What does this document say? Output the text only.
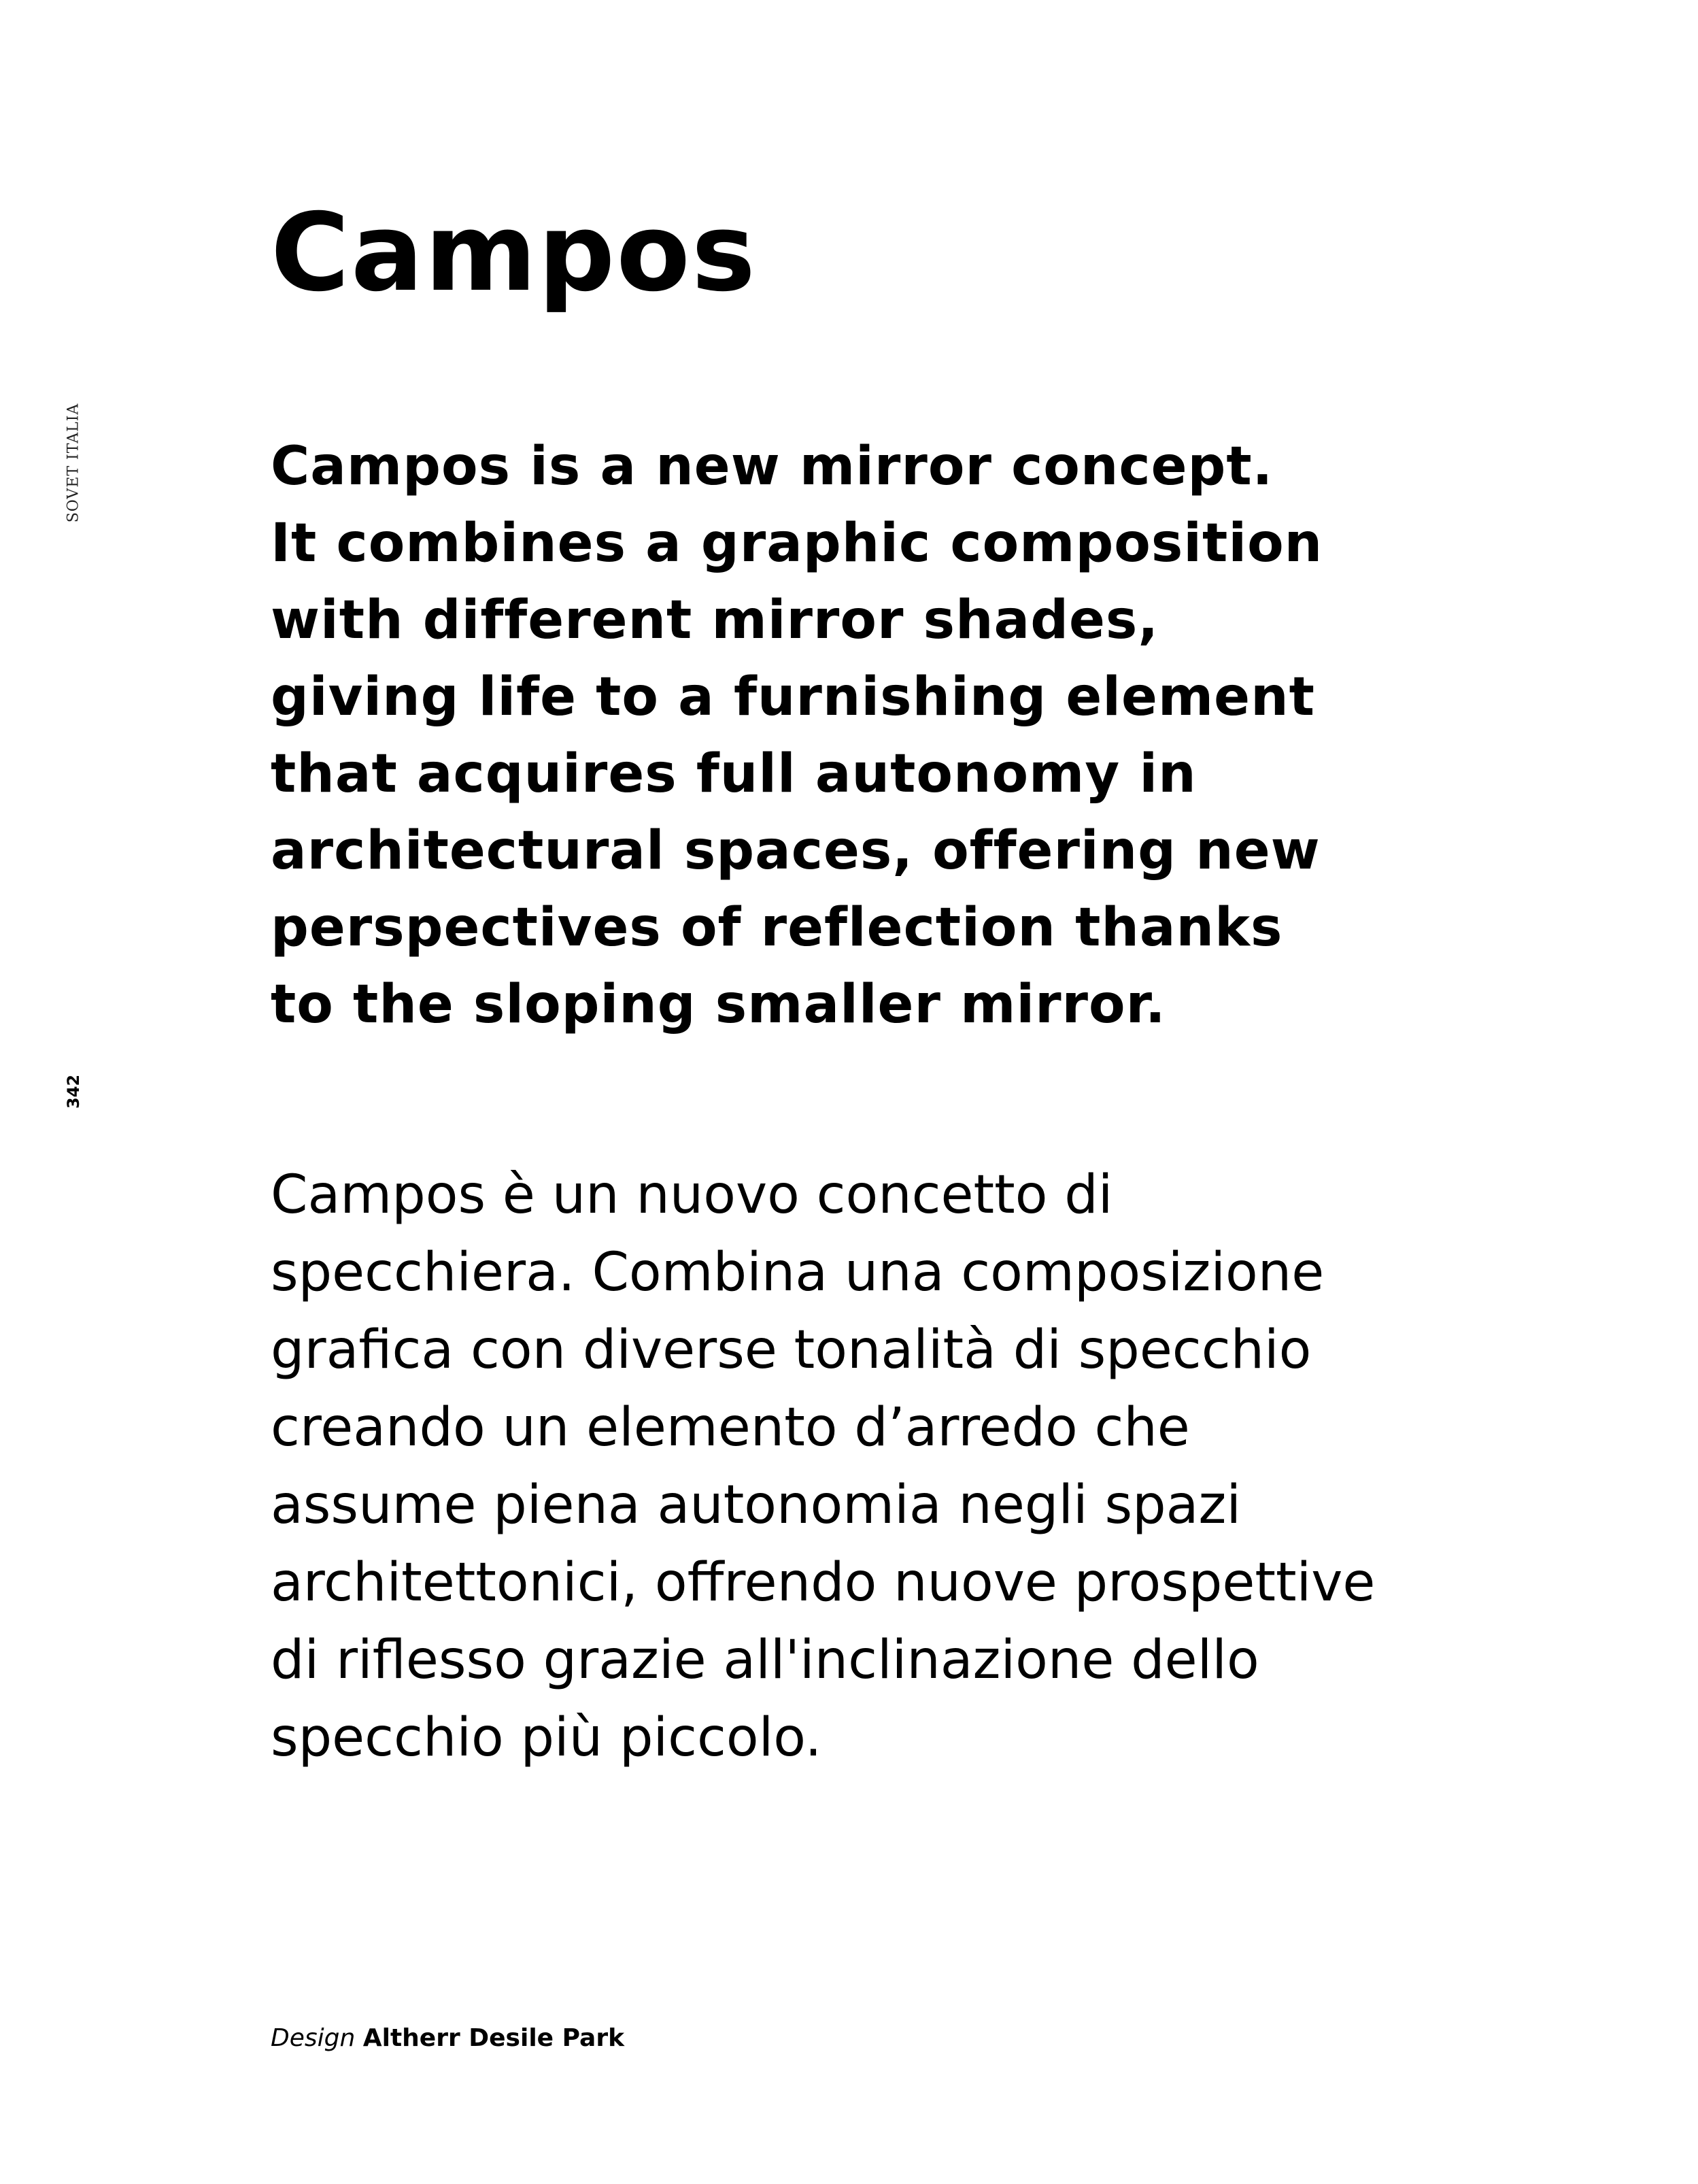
SOVET ITALIA
342
Campos

Campos is a new mirror concept.
It combines a graphic composition
with different mirror shades,
giving life to a furnishing element
that acquires full autonomy in
architectural spaces, offering new
perspectives of reflection thanks
to the sloping smaller mirror.

Campos è un nuovo concetto di
specchiera. Combina una composizione
grafica con diverse tonalità di specchio
creando un elemento d’arredo che
assume piena autonomia negli spazi
architettonici, offrendo nuove prospettive
di riflesso grazie all'inclinazione dello
specchio più piccolo.

Design Altherr Desile Park
